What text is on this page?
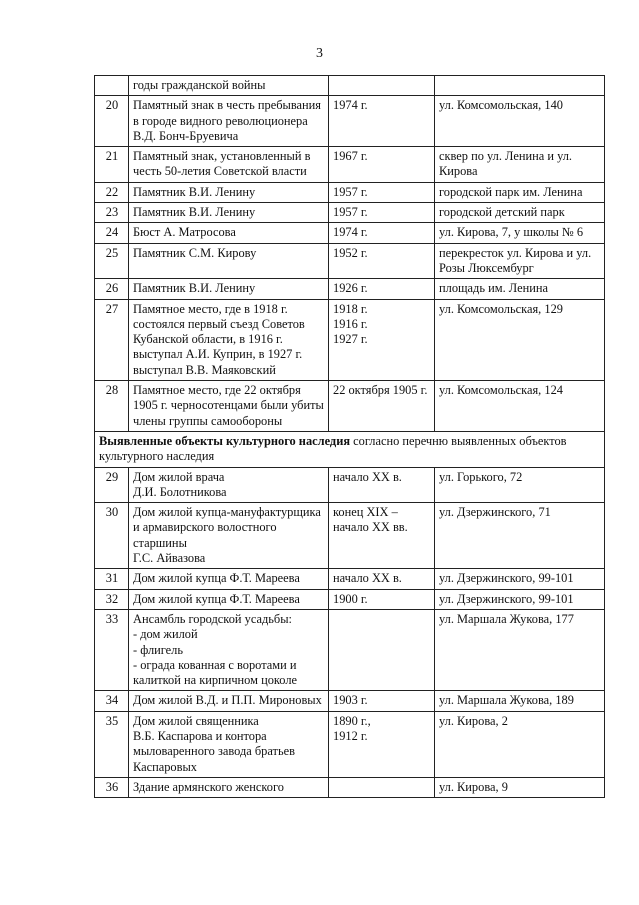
3
	годы гражданской войны		
20	Памятный знак в честь пребывания в городе видного революционера В.Д. Бонч-Бруевича	1974 г.	ул. Комсомольская, 140
21	Памятный знак, установленный в честь 50-летия Советской власти	1967 г.	сквер по ул. Ленина и ул. Кирова
22	Памятник В.И. Ленину	1957 г.	городской парк им. Ленина
23	Памятник В.И. Ленину	1957 г.	городской детский парк
24	Бюст А. Матросова	1974 г.	ул. Кирова, 7, у школы № 6
25	Памятник С.М. Кирову	1952 г.	перекресток ул. Кирова и ул. Розы Люксембург
26	Памятник В.И. Ленину	1926 г.	площадь им. Ленина
27	Памятное место, где в 1918 г. состоялся первый съезд Советов Кубанской области, в 1916 г. выступал А.И. Куприн, в 1927 г. выступал В.В. Маяковский	1918 г.
1916 г.
1927 г.	ул. Комсомольская, 129
28	Памятное место, где 22 октября 1905 г. черносотенцами были убиты члены группы самообороны	22 октября 1905 г.	ул. Комсомольская, 124
Выявленные объекты культурного наследия согласно перечню выявленных объектов культурного наследия			
29	Дом жилой врача
Д.И. Болотникова	начало XX в.	ул. Горького, 72
30	Дом жилой купца-мануфактурщика и армавирского волостного старшины
Г.С. Айвазова	конец XIX –
начало XX вв.	ул. Дзержинского, 71
31	Дом жилой купца Ф.Т. Мареева	начало XX в.	ул. Дзержинского, 99-101
32	Дом жилой купца Ф.Т. Мареева	1900 г.	ул. Дзержинского, 99-101
33	Ансамбль городской усадьбы:
- дом жилой
- флигель
- ограда кованная с воротами и калиткой на кирпичном цоколе		ул. Маршала Жукова, 177
34	Дом жилой В.Д. и П.П. Мироновых	1903 г.	ул. Маршала Жукова, 189
35	Дом жилой священника
В.Б. Каспарова и контора мыловаренного завода братьев Каспаровых	1890 г.,
1912 г.	ул. Кирова, 2
36	Здание армянского женского		ул. Кирова, 9
